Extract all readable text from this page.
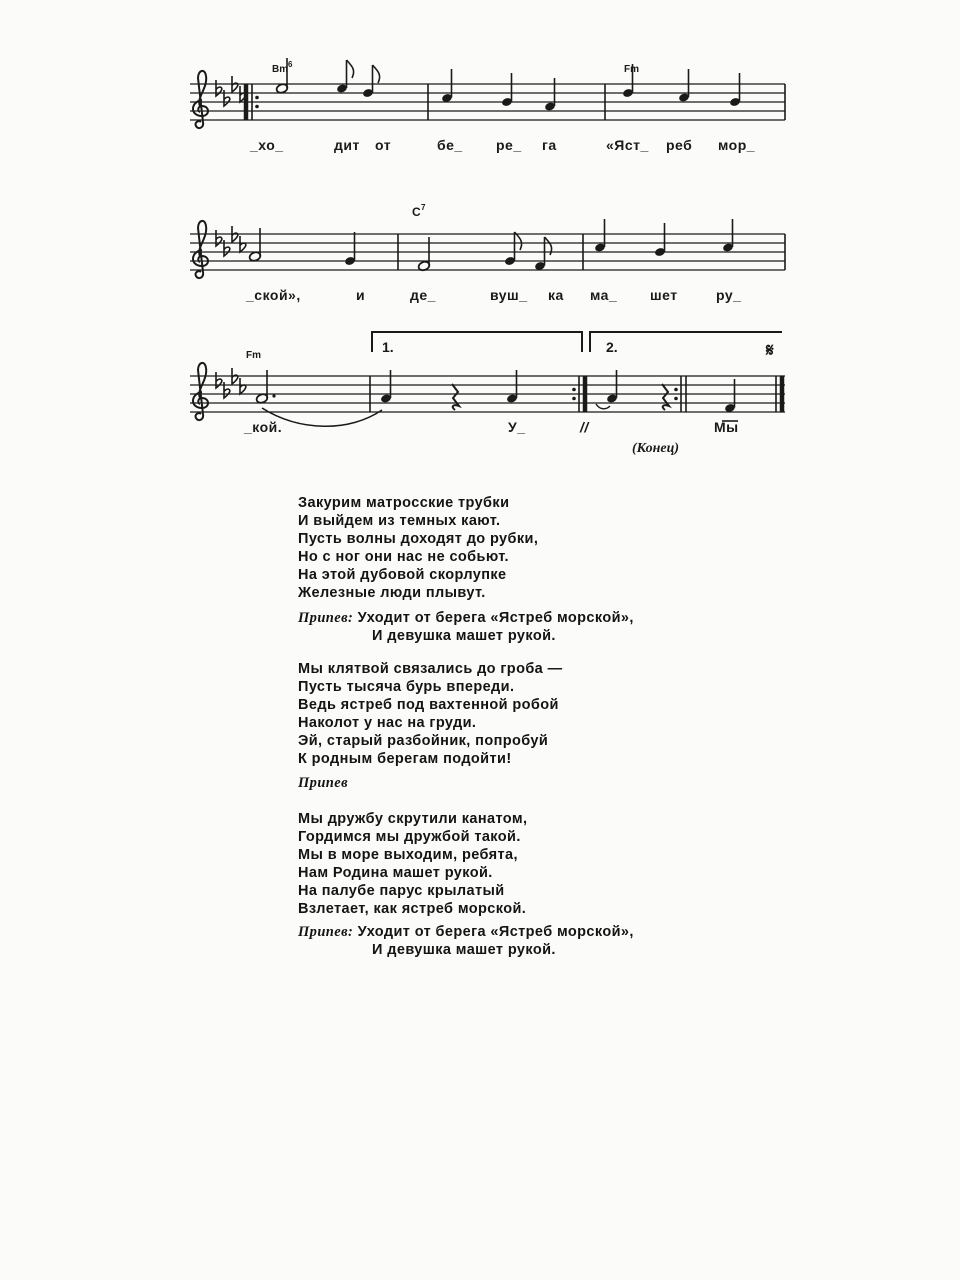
Bm 6	Fm
_хо_	дит от	бе_ ре_ га	«Яст_ реб мор_
C 7
_ской»,	и	де_	вуш_ ка ма_ шет	ру_
1.	2.	𝄋
Fm
_кой.	У_	//	Мы
(Конец)
Закурим матросские трубки
И выйдем из темных кают.
Пусть волны доходят до рубки,
Но с ног они нас не собьют.
На этой дубовой скорлупке
Железные люди плывут.
Припев: Уходит от берега «Ястреб морской»,
И девушка машет рукой.
Мы клятвой связались до гроба —
Пусть тысяча бурь впереди.
Ведь ястреб под вахтенной робой
Наколот у нас на груди.
Эй, старый разбойник, попробуй
К родным берегам подойти!
Припев
Мы дружбу скрутили канатом,
Гордимся мы дружбой такой.
Мы в море выходим, ребята,
Нам Родина машет рукой.
На палубе парус крылатый
Взлетает, как ястреб морской.
Припев: Уходит от берега «Ястреб морской»,
И девушка машет рукой.
